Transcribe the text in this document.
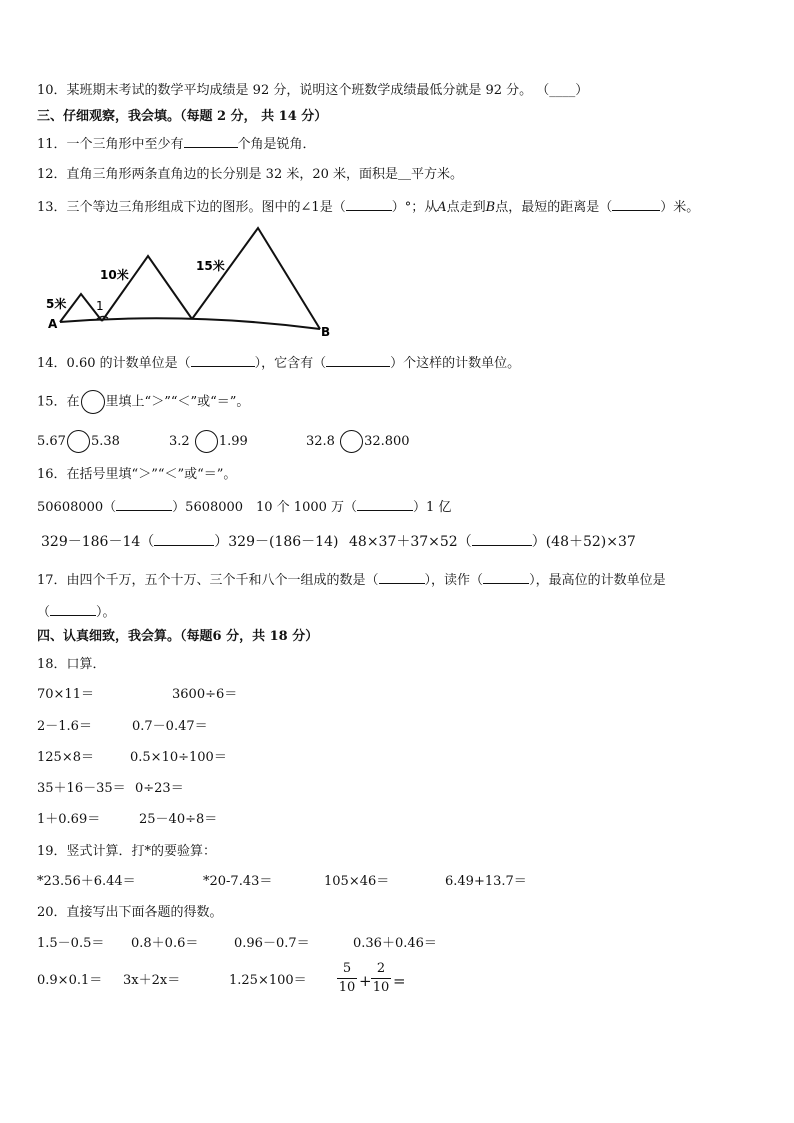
10．某班期末考试的数学平均成绩是 92 分，说明这个班数学成绩最低分就是 92 分。 （____）
三、仔细观察，我会填。（每题 2 分， 共 14 分）
11．一个三角形中至少有	个角是锐角．
12．直角三角形两条直角边的长分别是 32 米，20 米，面积是＿平方米。
13．三个等边三角形组成下边的图形。图中的∠1是（	）°；从A点走到B点，最短的距离是（	）米。
5米
10米
15米
1
A
B
14．0.60 的计数单位是（	），它含有（	）个这样的计数单位。
15．在 里填上“＞”“＜”或“＝”。
5.67 5.38	3.2 1.99	32.8 32.800
16．在括号里填“＞”“＜”或“＝”。
50608000（	）5608000 10 个 1000 万（	）1 亿
329－186－14（	）329－(186－14) 48×37＋37×52（	）(48＋52)×37
17．由四个千万，五个十万、三个千和八个一组成的数是（	），读作（	），最高位的计数单位是
（	）。
四、认真细致，我会算。（每题6 分，共 18 分）
18．口算．
70×11＝	3600÷6＝
2－1.6＝	0.7－0.47＝
125×8＝	0.5×10÷100＝
35＋16－35＝ 0÷23＝
1＋0.69＝	25－40÷8＝
19．竖式计算．打*的要验算：
*23.56＋6.44＝	*20-7.43＝	105×46＝	6.49+13.7＝
20．直接写出下面各题的得数。
1.5－0.5＝ 0.8＋0.6＝	0.96－0.7＝	0.36＋0.46＝
0.9×0.1＝ 3x＋2x＝	1.25×100＝
5
10 +
2
10 =
